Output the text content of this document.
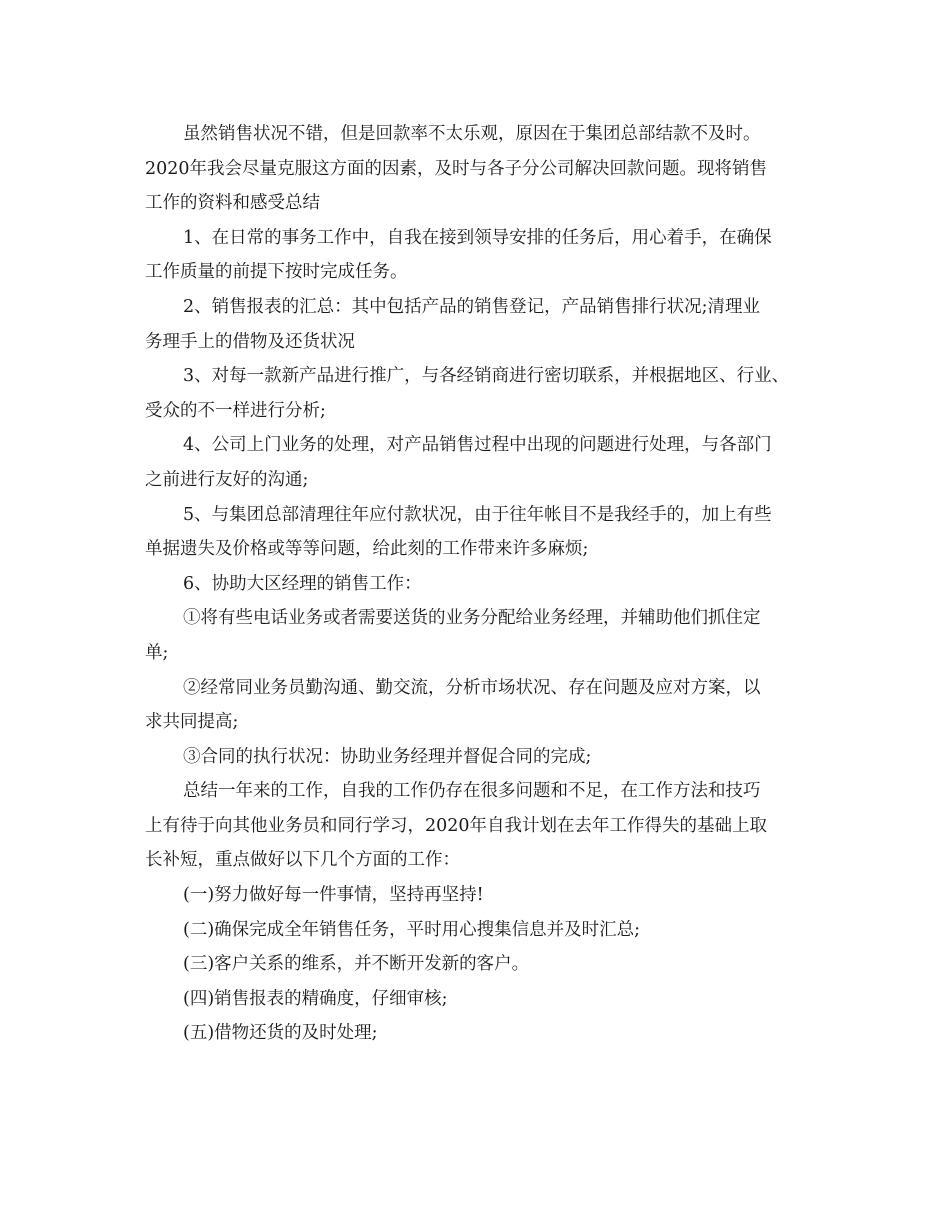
虽然销售状况不错，但是回款率不太乐观，原因在于集团总部结款不及时。
2020年我会尽量克服这方面的因素，及时与各子分公司解决回款问题。现将销售
工作的资料和感受总结
1、在日常的事务工作中，自我在接到领导安排的任务后，用心着手，在确保
工作质量的前提下按时完成任务。
2、销售报表的汇总：其中包括产品的销售登记，产品销售排行状况;清理业
务理手上的借物及还货状况
3、对每一款新产品进行推广，与各经销商进行密切联系，并根据地区、行业、
受众的不一样进行分析;
4、公司上门业务的处理，对产品销售过程中出现的问题进行处理，与各部门
之前进行友好的沟通;
5、与集团总部清理往年应付款状况，由于往年帐目不是我经手的，加上有些
单据遗失及价格或等等问题，给此刻的工作带来许多麻烦;
6、协助大区经理的销售工作：
①将有些电话业务或者需要送货的业务分配给业务经理，并辅助他们抓住定
单;
②经常同业务员勤沟通、勤交流，分析市场状况、存在问题及应对方案，以
求共同提高;
③合同的执行状况：协助业务经理并督促合同的完成;
总结一年来的工作，自我的工作仍存在很多问题和不足，在工作方法和技巧
上有待于向其他业务员和同行学习，2020年自我计划在去年工作得失的基础上取
长补短，重点做好以下几个方面的工作：
(一)努力做好每一件事情，坚持再坚持!
(二)确保完成全年销售任务，平时用心搜集信息并及时汇总;
(三)客户关系的维系，并不断开发新的客户。
(四)销售报表的精确度，仔细审核;
(五)借物还货的及时处理;
